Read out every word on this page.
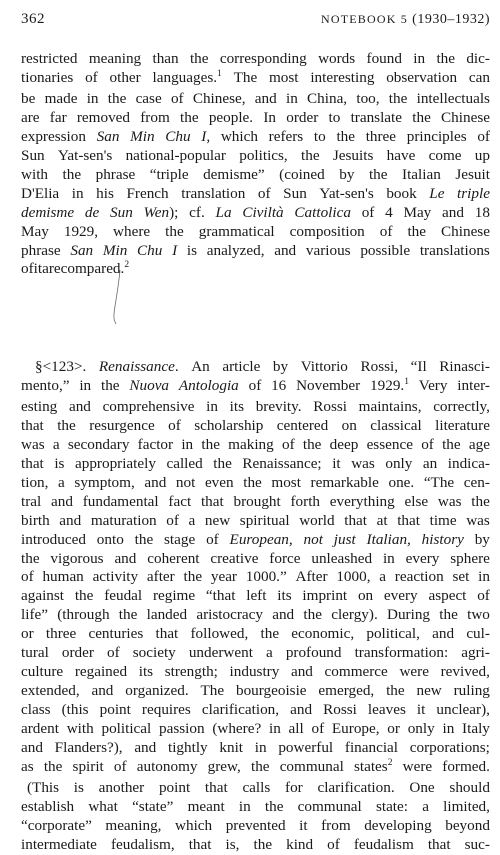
362	NOTEBOOK 5 (1930–1932)
restricted meaning than the corresponding words found in the dic-
tionaries of other languages.$^1$ The most interesting observation can
be made in the case of Chinese, and in China, too, the intellectuals
are far removed from the people. In order to translate the Chinese
expression San Min Chu I, which refers to the three principles of
Sun Yat-sen's national-popular politics, the Jesuits have come up
with the phrase “triple demisme” (coined by the Italian Jesuit
D'Elia in his French translation of Sun Yat-sen's book Le triple
demisme de Sun Wen); cf. La Civiltà Cattolica of 4 May and 18
May 1929, where the grammatical composition of the Chinese
phrase San Min Chu I is analyzed, and various possible translations
of it are compared.$^2$
§<123>. Renaissance. An article by Vittorio Rossi, “Il Rinasci-
mento,” in the Nuova Antologia of 16 November 1929.$^1$ Very inter-
esting and comprehensive in its brevity. Rossi maintains, correctly,
that the resurgence of scholarship centered on classical literature
was a secondary factor in the making of the deep essence of the age
that is appropriately called the Renaissance; it was only an indica-
tion, a symptom, and not even the most remarkable one. “The cen-
tral and fundamental fact that brought forth everything else was the
birth and maturation of a new spiritual world that at that time was
introduced onto the stage of European, not just Italian, history by
the vigorous and coherent creative force unleashed in every sphere
of human activity after the year 1000.” After 1000, a reaction set in
against the feudal regime “that left its imprint on every aspect of
life” (through the landed aristocracy and the clergy). During the two
or three centuries that followed, the economic, political, and cul-
tural order of society underwent a profound transformation: agri-
culture regained its strength; industry and commerce were revived,
extended, and organized. The bourgeoisie emerged, the new ruling
class (this point requires clarification, and Rossi leaves it unclear),
ardent with political passion (where? in all of Europe, or only in Italy
and Flanders?), and tightly knit in powerful financial corporations;
as the spirit of autonomy grew, the communal states$^2$ were formed.
(This is another point that calls for clarification. One should
establish what “state” meant in the communal state: a limited,
“corporate” meaning, which prevented it from developing beyond
intermediate feudalism, that is, the kind of feudalism that suc-
